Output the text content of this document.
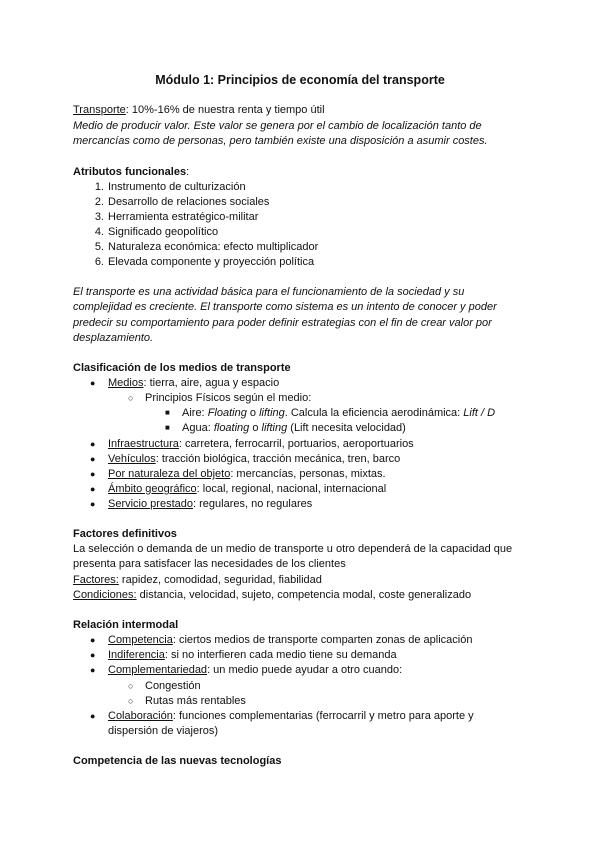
Módulo 1: Principios de economía del transporte
Transporte: 10%-16% de nuestra renta y tiempo útil
Medio de producir valor. Este valor se genera por el cambio de localización tanto de
mercancías como de personas, pero también existe una disposición a asumir costes.
Atributos funcionales:
1. Instrumento de culturización
2. Desarrollo de relaciones sociales
3. Herramienta estratégico-militar
4. Significado geopolítico
5. Naturaleza económica: efecto multiplicador
6. Elevada componente y proyección política
El transporte es una actividad básica para el funcionamiento de la sociedad y su
complejidad es creciente. El transporte como sistema es un intento de conocer y poder
predecir su comportamiento para poder definir estrategias con el fin de crear valor por
desplazamiento.
Clasificación de los medios de transporte
● Medios: tierra, aire, agua y espacio
○ Principios Físicos según el medio:
■ Aire: Floating o lifting. Calcula la eficiencia aerodinámica: Lift / D
■ Agua: floating o lifting (Lift necesita velocidad)
● Infraestructura: carretera, ferrocarril, portuarios, aeroportuarios
● Vehículos: tracción biológica, tracción mecánica, tren, barco
● Por naturaleza del objeto: mercancías, personas, mixtas.
● Ámbito geográfico: local, regional, nacional, internacional
● Servicio prestado: regulares, no regulares
Factores definitivos
La selección o demanda de un medio de transporte u otro dependerá de la capacidad que
presenta para satisfacer las necesidades de los clientes
Factores: rapidez, comodidad, seguridad, fiabilidad
Condiciones: distancia, velocidad, sujeto, competencia modal, coste generalizado
Relación intermodal
● Competencia: ciertos medios de transporte comparten zonas de aplicación
● Indiferencia: si no interfieren cada medio tiene su demanda
● Complementariedad: un medio puede ayudar a otro cuando:
○ Congestión
○ Rutas más rentables
● Colaboración: funciones complementarias (ferrocarril y metro para aporte y
dispersión de viajeros)
Competencia de las nuevas tecnologías
